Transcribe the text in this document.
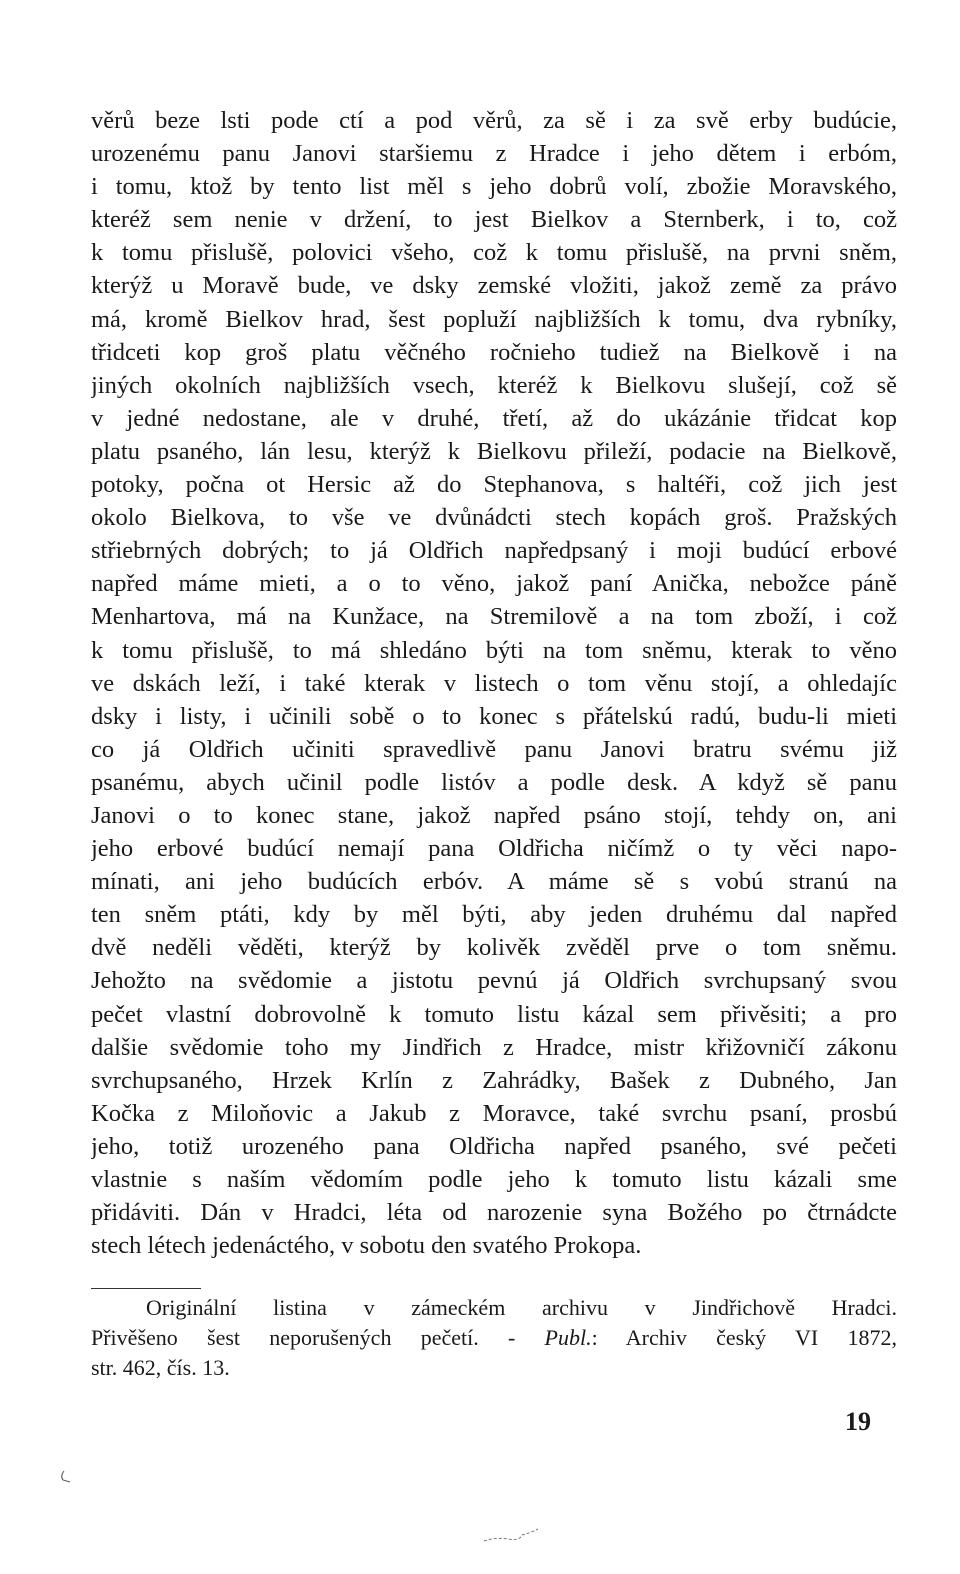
věrů beze lsti pode ctí a pod věrů, za sě i za svě erby budúcie,
urozenému panu Janovi staršiemu z Hradce i jeho dětem i erbóm,
i tomu, ktož by tento list měl s jeho dobrů volí, zbožie Moravského,
kteréž sem nenie v držení, to jest Bielkov a Sternberk, i to, což
k tomu přislušě, polovici všeho, což k tomu přislušě, na prvni sněm,
kterýž u Moravě bude, ve dsky zemské vložiti, jakož země za právo
má, kromě Bielkov hrad, šest popluží najbližších k tomu, dva rybníky,
třidceti kop groš platu věčného ročnieho tudiež na Bielkově i na
jiných okolních najbližších vsech, kteréž k Bielkovu slušejí, což sě
v jedné nedostane, ale v druhé, třetí, až do ukázánie třidcat kop
platu psaného, lán lesu, kterýž k Bielkovu přileží, podacie na Bielkově,
potoky, počna ot Hersic až do Stephanova, s haltéři, což jich jest
okolo Bielkova, to vše ve dvůnádcti stech kopách groš. Pražských
střiebrných dobrých; to já Oldřich napředpsaný i moji budúcí erbové
napřed máme mieti, a o to věno, jakož paní Anička, nebožce páně
Menhartova, má na Kunžace, na Stremilově a na tom zboží, i což
k tomu přislušě, to má shledáno býti na tom sněmu, kterak to věno
ve dskách leží, i také kterak v listech o tom věnu stojí, a ohledajíc
dsky i listy, i učinili sobě o to konec s přátelskú radú, budu-li mieti
co já Oldřich učiniti spravedlivě panu Janovi bratru svému již
psanému, abych učinil podle listóv a podle desk. A když sě panu
Janovi o to konec stane, jakož napřed psáno stojí, tehdy on, ani
jeho erbové budúcí nemají pana Oldřicha ničímž o ty věci napo-
mínati, ani jeho budúcích erbóv. A máme sě s vobú stranú na
ten sněm ptáti, kdy by měl býti, aby jeden druhému dal napřed
dvě neděli věděti, kterýž by kolivěk zvěděl prve o tom sněmu.
Jehožto na svědomie a jistotu pevnú já Oldřich svrchupsaný svou
pečet vlastní dobrovolně k tomuto listu kázal sem přivěsiti; a pro
dalšie svědomie toho my Jindřich z Hradce, mistr křižovničí zákonu
svrchupsaného, Hrzek Krlín z Zahrádky, Bašek z Dubného, Jan
Kočka z Miloňovic a Jakub z Moravce, také svrchu psaní, prosbú
jeho, totiž urozeného pana Oldřicha napřed psaného, své pečeti
vlastnie s naším vědomím podle jeho k tomuto listu kázali sme
přidáviti. Dán v Hradci, léta od narozenie syna Božého po čtrnádcte
stech létech jedenáctého, v sobotu den svatého Prokopa.
Originální listina v zámeckém archivu v Jindřichově Hradci.
Přivěšeno šest neporušených pečetí. - Publ.: Archiv český VI 1872,
str. 462, čís. 13.
19
